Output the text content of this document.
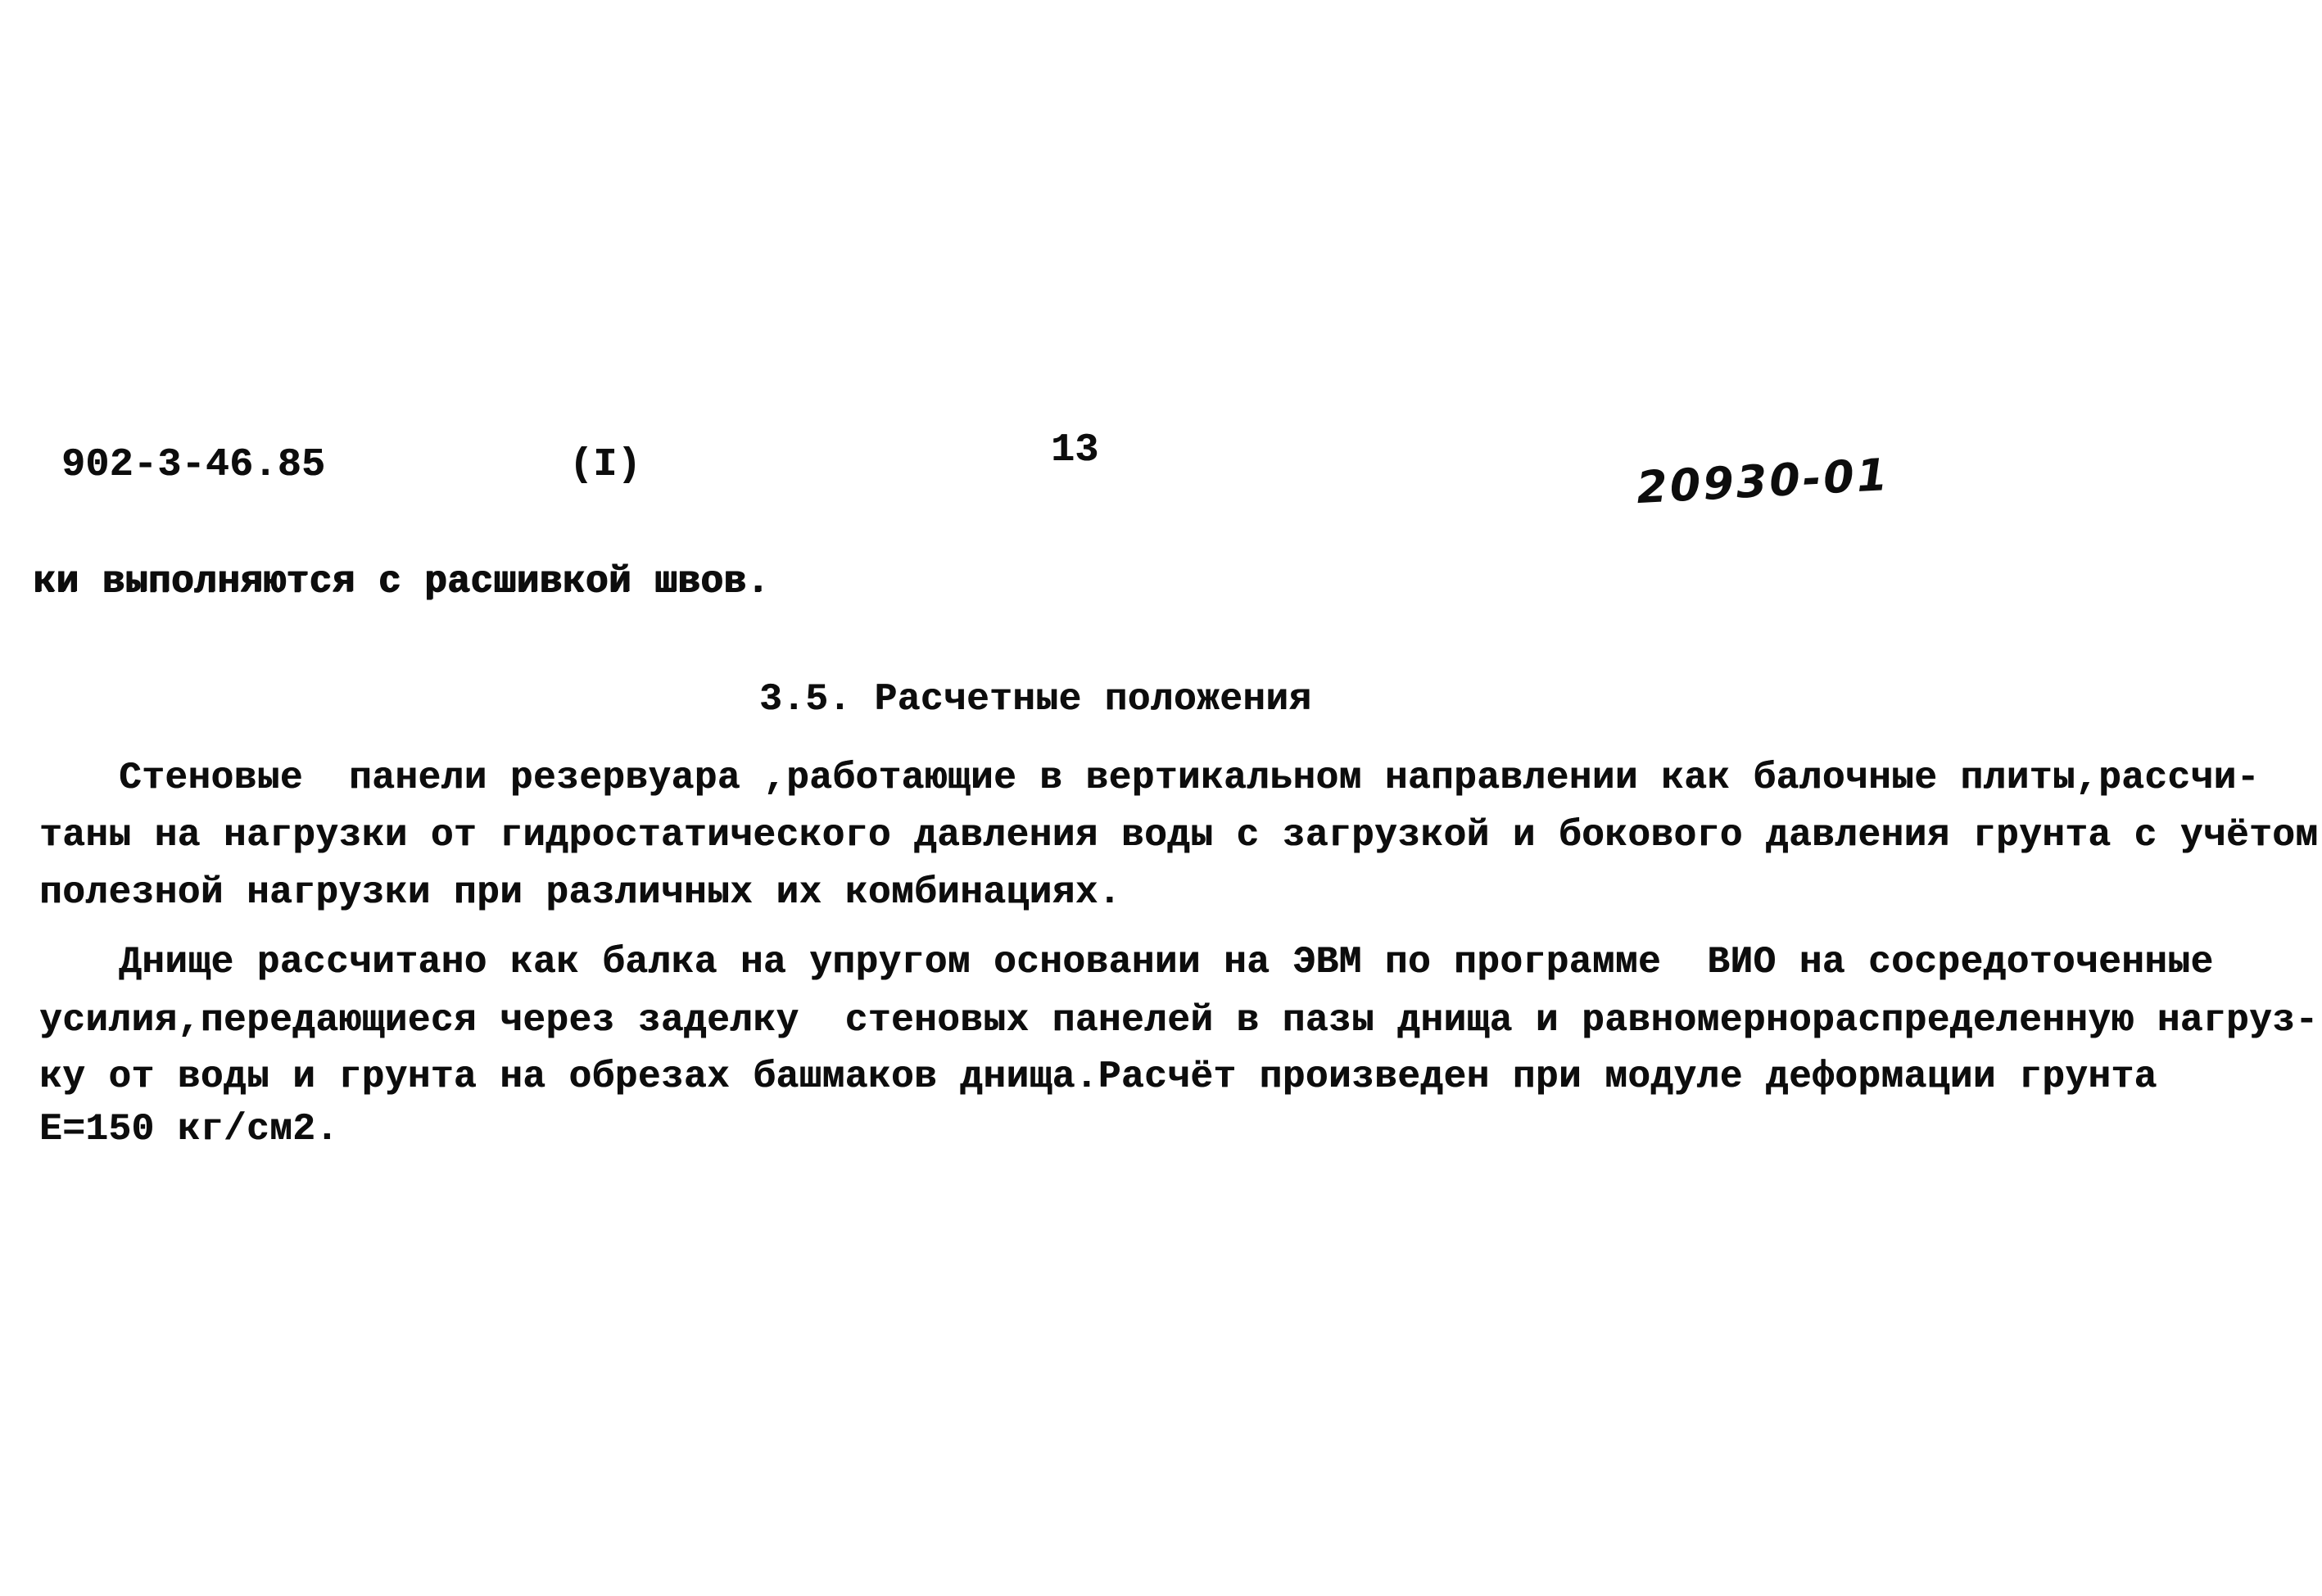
902-3-46.85	(I)	13	20930-01
ки выполняются с расшивкой швов.
3.5. Расчетные положения
Стеновые  панели резервуара ,работающие в вертикальном направлении как балочные плиты,рассчи-
таны на нагрузки от гидростатического давления воды с загрузкой и бокового давления грунта с учётом
полезной нагрузки при различных их комбинациях.
Днище рассчитано как балка на упругом основании на ЭВМ по программе  ВИО на сосредоточенные
усилия,передающиеся через заделку  стеновых панелей в пазы днища и равномернораспределенную нагруз-
ку от воды и грунта на обрезах башмаков днища.Расчёт произведен при модуле деформации грунта
Е=150 кг/см2.
